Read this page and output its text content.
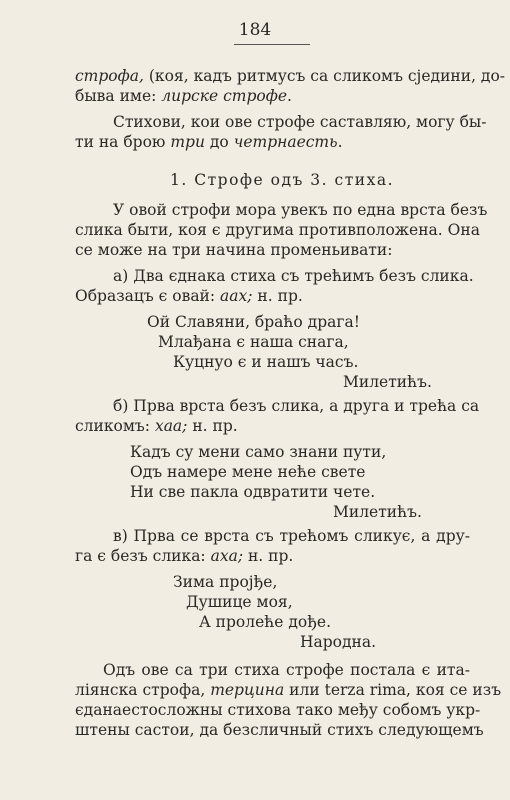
184
строфа, (коя, кадъ ритмусъ са сликомъ сједини, до-
быва име: лирске строфе.
Стихови, кои ове строфе саставляю, могу бы-
ти на брою три до четрнаесть.
1. Строфе одъ 3. стиха.
У овой строфи мора увекъ по една врста безъ
слика быти, коя є другима противположена. Она
се може на три начина променьивати:
а) Два єднака стиха съ трећимъ безъ слика.
Образацъ є овай: аах; н. пр.
Ой Славяни, браћо драга!
Млађана є наша снага,
Куцнуо є и нашъ часъ.
Милетићъ.
б) Прва врста безъ слика, а друга и трећа са
сликомъ: хаа; н. пр.
Кадъ су мени само знани пути,
Одъ намере мене неће свете
Ни све пакла одвратити чете.
Милетићъ.
в) Прва се врста съ трећомъ сликує, а дру-
га є безъ слика: аха; н. пр.
Зима пројђе,
Душице моя,
А пролеће дође.
Народна.
Одъ ове са три стиха строфе постала є ита-
ліянска строфа, терцина или terza rima, коя се изъ
єданаестосложны стихова тако међу собомъ укр-
штены састои, да безсличный стихъ следующемъ
